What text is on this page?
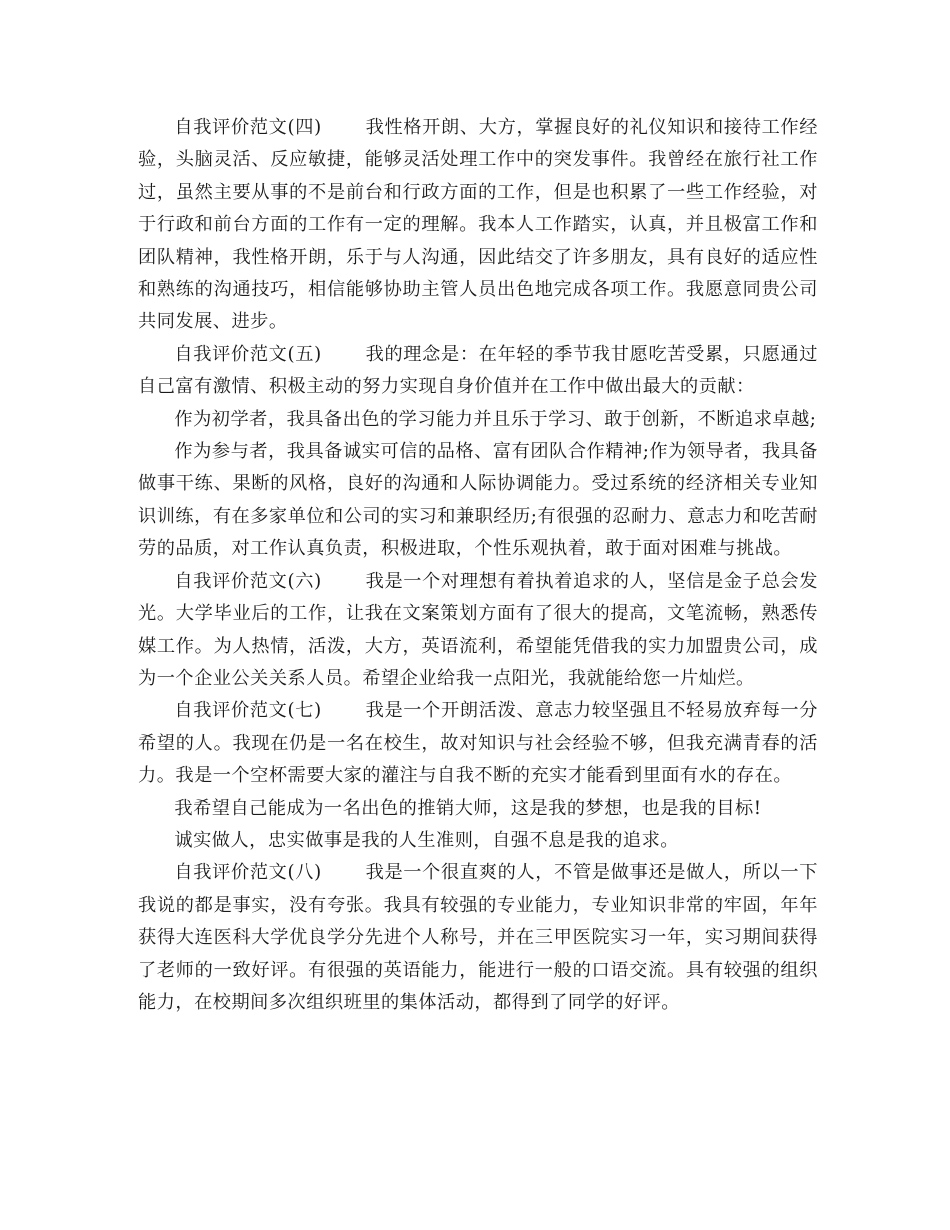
自我评价范文(四) 我性格开朗、大方，掌握良好的礼仪知识和接待工作经验，头脑灵活、反应敏捷，能够灵活处理工作中的突发事件。我曾经在旅行社工作过，虽然主要从事的不是前台和行政方面的工作，但是也积累了一些工作经验，对于行政和前台方面的工作有一定的理解。我本人工作踏实，认真，并且极富工作和团队精神，我性格开朗，乐于与人沟通，因此结交了许多朋友，具有良好的适应性和熟练的沟通技巧，相信能够协助主管人员出色地完成各项工作。我愿意同贵公司共同发展、进步。

自我评价范文(五) 我的理念是：在年轻的季节我甘愿吃苦受累，只愿通过自己富有激情、积极主动的努力实现自身价值并在工作中做出最大的贡献：

作为初学者，我具备出色的学习能力并且乐于学习、敢于创新，不断追求卓越;

作为参与者，我具备诚实可信的品格、富有团队合作精神;作为领导者，我具备做事干练、果断的风格，良好的沟通和人际协调能力。受过系统的经济相关专业知识训练，有在多家单位和公司的实习和兼职经历;有很强的忍耐力、意志力和吃苦耐劳的品质，对工作认真负责，积极进取，个性乐观执着，敢于面对困难与挑战。

自我评价范文(六) 我是一个对理想有着执着追求的人，坚信是金子总会发光。大学毕业后的工作，让我在文案策划方面有了很大的提高，文笔流畅，熟悉传媒工作。为人热情，活泼，大方，英语流利，希望能凭借我的实力加盟贵公司，成为一个企业公关关系人员。希望企业给我一点阳光，我就能给您一片灿烂。

自我评价范文(七) 我是一个开朗活泼、意志力较坚强且不轻易放弃每一分希望的人。我现在仍是一名在校生，故对知识与社会经验不够，但我充满青春的活力。我是一个空杯需要大家的灌注与自我不断的充实才能看到里面有水的存在。

我希望自己能成为一名出色的推销大师，这是我的梦想，也是我的目标!

诚实做人，忠实做事是我的人生准则，自强不息是我的追求。

自我评价范文(八) 我是一个很直爽的人，不管是做事还是做人，所以一下我说的都是事实，没有夸张。我具有较强的专业能力，专业知识非常的牢固，年年获得大连医科大学优良学分先进个人称号，并在三甲医院实习一年，实习期间获得了老师的一致好评。有很强的英语能力，能进行一般的口语交流。具有较强的组织能力，在校期间多次组织班里的集体活动，都得到了同学的好评。
